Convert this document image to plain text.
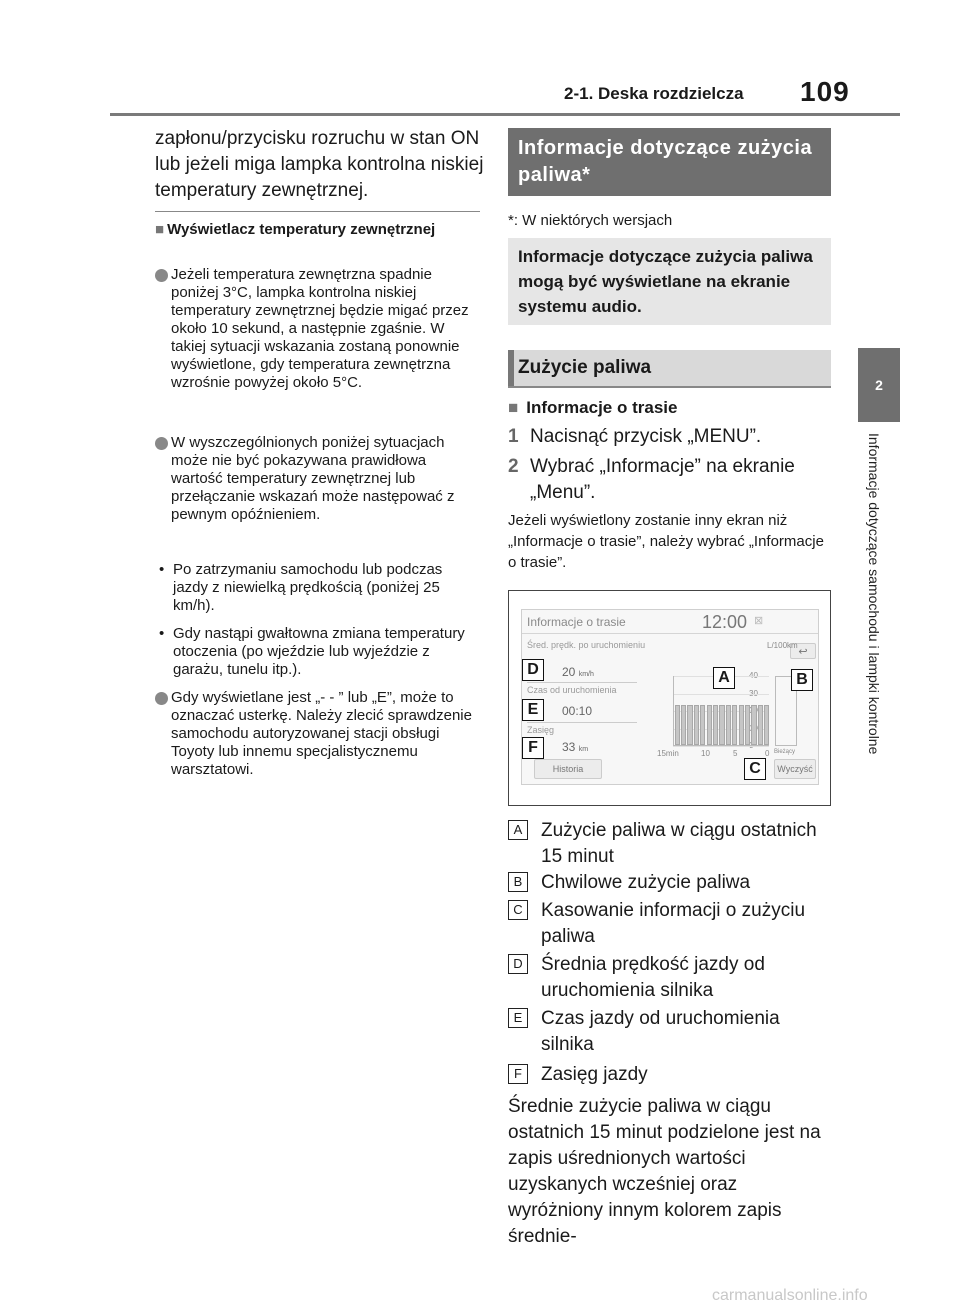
2-1. Deska rozdzielcza 109
2
Informacje dotyczące samochodu i lampki kontrolne
zapłonu/przycisku rozruchu w stan ON lub jeżeli miga lampka kontrolna niskiej temperatury zewnętrznej.
■ Wyświetlacz temperatury zewnętrznej
Jeżeli temperatura zewnętrzna spadnie poniżej 3°C, lampka kontrolna niskiej temperatury zewnętrznej będzie migać przez około 10 sekund, a następnie zgaśnie. W takiej sytuacji wskazania zostaną ponownie wyświetlone, gdy temperatura zewnętrzna wzrośnie powyżej około 5°C.
W wyszczególnionych poniżej sytuacjach może nie być pokazywana prawidłowa wartość temperatury zewnętrznej lub przełączanie wskazań może następować z pewnym opóźnieniem.
• Po zatrzymaniu samochodu lub podczas jazdy z niewielką prędkością (poniżej 25 km/h).
• Gdy nastąpi gwałtowna zmiana temperatury otoczenia (po wjeździe lub wyjeździe z garażu, tunelu itp.).
Gdy wyświetlane jest „- - ” lub „E”, może to oznaczać usterkę. Należy zlecić sprawdzenie samochodu autoryzowanej stacji obsługi Toyoty lub innemu specjalistycznemu warsztatowi.
Informacje dotyczące zużycia paliwa*
*: W niektórych wersjach
Informacje dotyczące zużycia paliwa mogą być wyświetlane na ekranie systemu audio.
Zużycie paliwa
■ Informacje o trasie
1 Nacisnąć przycisk „MENU”.
2 Wybrać „Informacje” na ekranie „Menu”.
Jeżeli wyświetlony zostanie inny ekran niż „Informacje o trasie”, należy wybrać „Informacje o trasie”.
Informacje o trasie	12:00 ⊠
Śred. prędk. po uruchomieniu
20 km/h
Czas od uruchomienia
00:10
Zasięg
33 km
Historia	Wyczyść
↩
L/100km
Bieżący
15min	10	5	0
D
E
F
A	B
C
A Zużycie paliwa w ciągu ostatnich 15 minut
B Chwilowe zużycie paliwa
C Kasowanie informacji o zużyciu paliwa
D Średnia prędkość jazdy od uruchomienia silnika
E Czas jazdy od uruchomienia silnika
F	Zasięg jazdy
Średnie zużycie paliwa w ciągu ostatnich 15 minut podzielone jest na zapis uśrednionych wartości uzyskanych wcześniej oraz wyróżniony innym kolorem zapis średnie-
carmanualsonline.info
